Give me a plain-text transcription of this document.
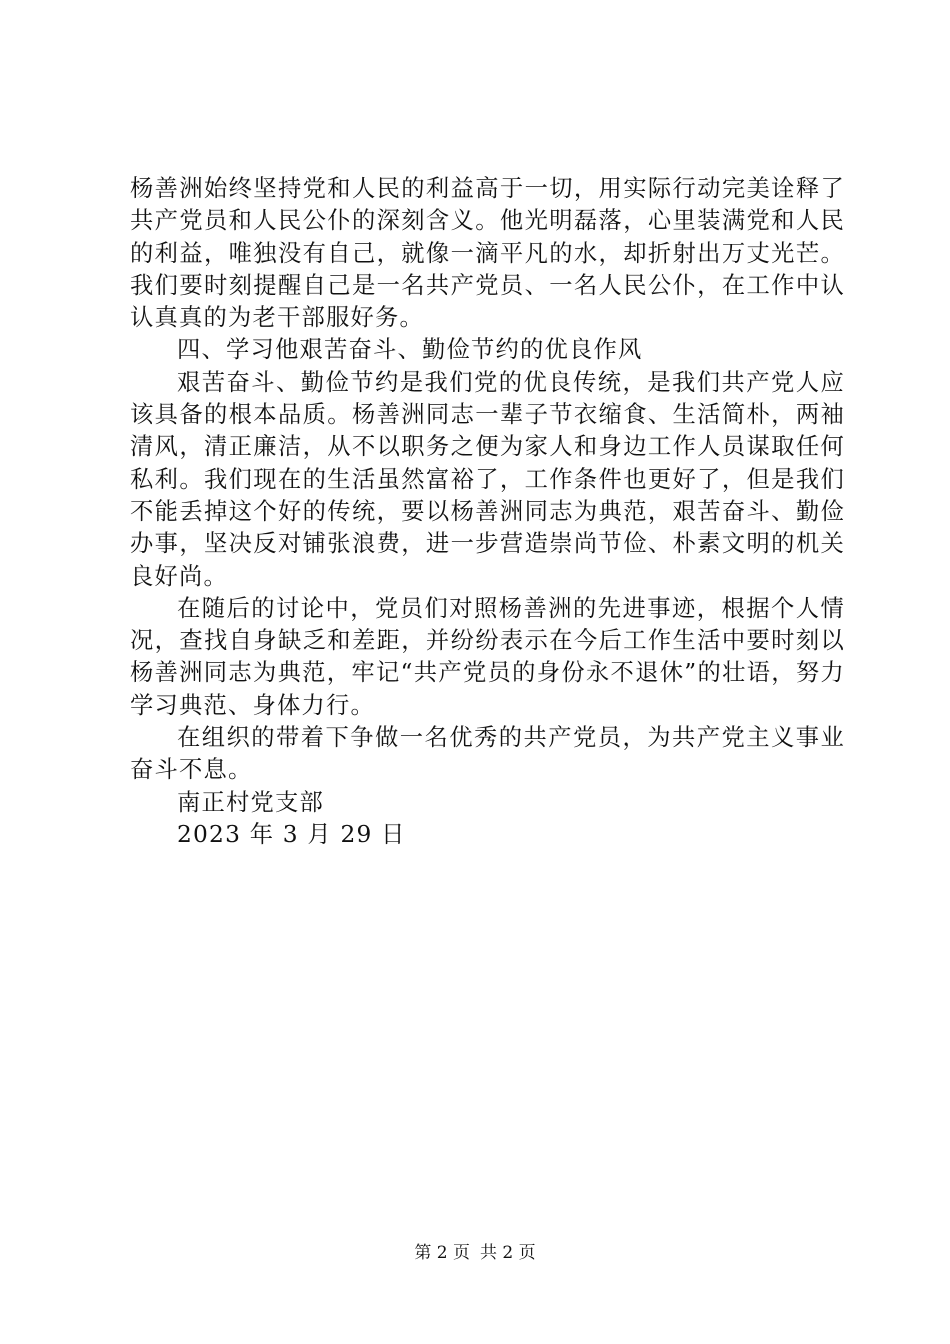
杨善洲始终坚持党和人民的利益高于一切，用实际行动完美诠释了共产党员和人民公仆的深刻含义。他光明磊落，心里装满党和人民的利益，唯独没有自己，就像一滴平凡的水，却折射出万丈光芒。我们要时刻提醒自己是一名共产党员、一名人民公仆，在工作中认认真真的为老干部服好务。

四、学习他艰苦奋斗、勤俭节约的优良作风

艰苦奋斗、勤俭节约是我们党的优良传统，是我们共产党人应该具备的根本品质。杨善洲同志一辈子节衣缩食、生活简朴，两袖清风，清正廉洁，从不以职务之便为家人和身边工作人员谋取任何私利。我们现在的生活虽然富裕了，工作条件也更好了，但是我们不能丢掉这个好的传统，要以杨善洲同志为典范，艰苦奋斗、勤俭办事，坚决反对铺张浪费，进一步营造崇尚节俭、朴素文明的机关良好尚。

在随后的讨论中，党员们对照杨善洲的先进事迹，根据个人情况，查找自身缺乏和差距，并纷纷表示在今后工作生活中要时刻以杨善洲同志为典范，牢记“共产党员的身份永不退休”的壮语，努力学习典范、身体力行。

在组织的带着下争做一名优秀的共产党员，为共产党主义事业奋斗不息。

南正村党支部

2023 年 3 月 29 日

第 2 页 共 2 页
